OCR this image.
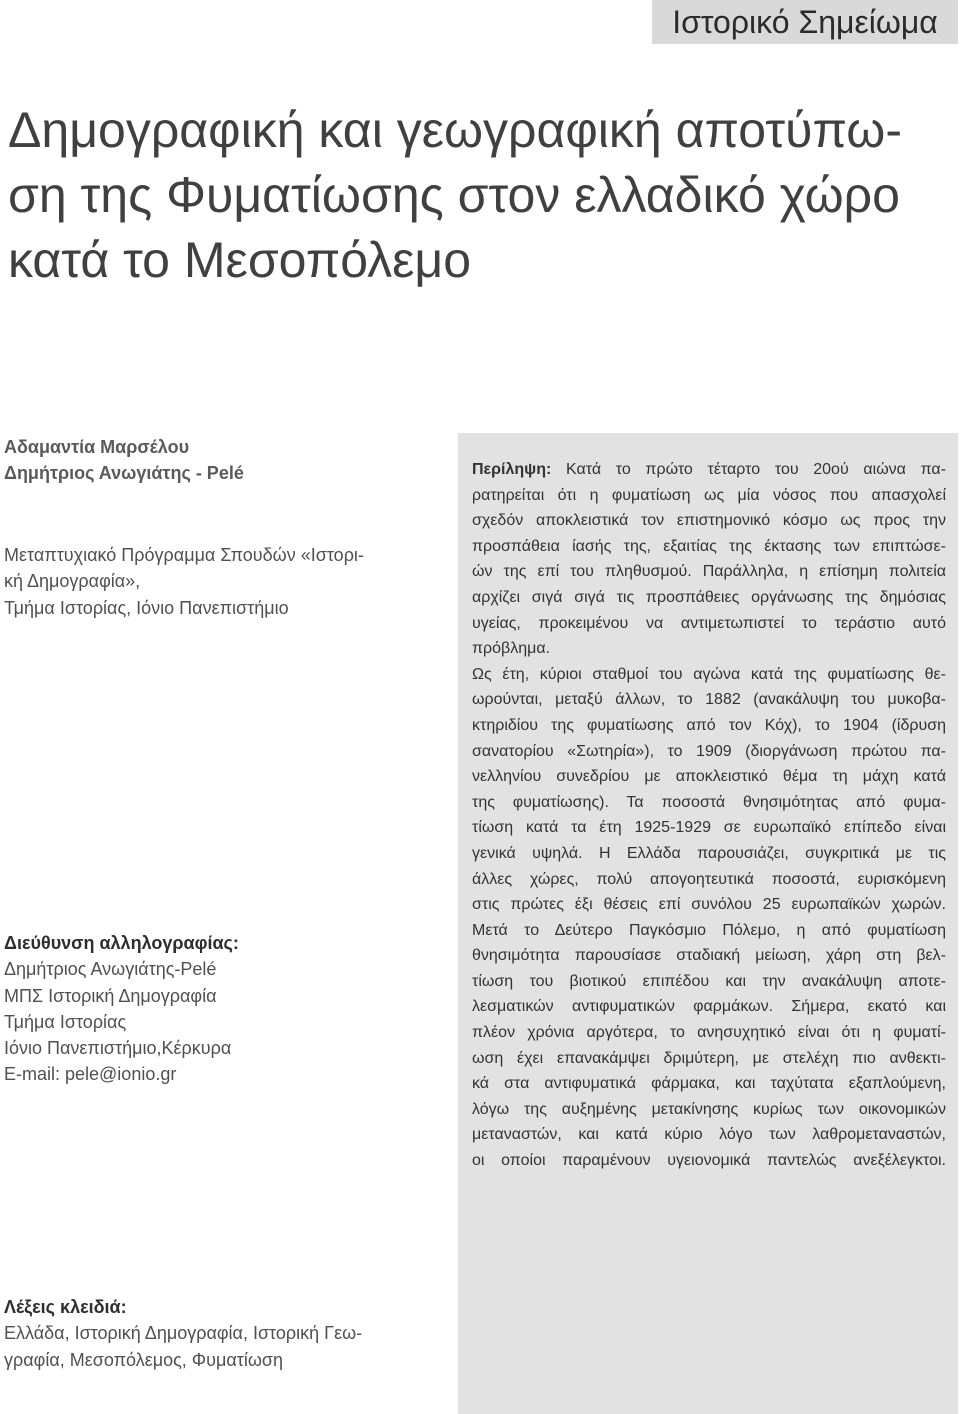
Ιστορικό Σημείωμα
Δημογραφική και γεωγραφική αποτύπω-
ση της Φυματίωσης στον ελλαδικό χώρο
κατά το Μεσοπόλεμο
Αδαμαντία Μαρσέλου
Δημήτριος Ανωγιάτης - Pelé
Μεταπτυχιακό Πρόγραμμα Σπουδών «Ιστορι-
κή Δημογραφία»,
Τμήμα Ιστορίας, Ιόνιο Πανεπιστήμιο
Διεύθυνση αλληλογραφίας:
Δημήτριος Ανωγιάτης-Pelé
ΜΠΣ Ιστορική Δημογραφία
Τμήμα Ιστορίας
Ιόνιο Πανεπιστήμιο,Κέρκυρα
E-mail: pele@ionio.gr
Περίληψη: Κατά το πρώτο τέταρτο του 20ού αιώνα πα-
ρατηρείται ότι η φυματίωση ως μία νόσος που απασχολεί
σχεδόν αποκλειστικά τον επιστημονικό κόσμο ως προς την
προσπάθεια ίασής της, εξαιτίας της έκτασης των επιπτώσε-
ών της επί του πληθυσμού. Παράλληλα, η επίσημη πολιτεία
αρχίζει σιγά σιγά τις προσπάθειες οργάνωσης της δημόσιας
υγείας, προκειμένου να αντιμετωπιστεί το τεράστιο αυτό
πρόβλημα.
Ως έτη, κύριοι σταθμοί του αγώνα κατά της φυματίωσης θε-
ωρούνται, μεταξύ άλλων, το 1882 (ανακάλυψη του μυκοβα-
κτηριδίου της φυματίωσης από τον Κόχ), το 1904 (ίδρυση
σανατορίου «Σωτηρία»), το 1909 (διοργάνωση πρώτου πα-
νελληνίου συνεδρίου με αποκλειστικό θέμα τη μάχη κατά
της φυματίωσης). Τα ποσοστά θνησιμότητας από φυμα-
τίωση κατά τα έτη 1925-1929 σε ευρωπαϊκό επίπεδο είναι
γενικά υψηλά. Η Ελλάδα παρουσιάζει, συγκριτικά με τις
άλλες χώρες, πολύ απογοητευτικά ποσοστά, ευρισκόμενη
στις πρώτες έξι θέσεις επί συνόλου 25 ευρωπαϊκών χωρών.
Μετά το Δεύτερο Παγκόσμιο Πόλεμο, η από φυματίωση
θνησιμότητα παρουσίασε σταδιακή μείωση, χάρη στη βελ-
τίωση του βιοτικού επιπέδου και την ανακάλυψη αποτε-
λεσματικών αντιφυματικών φαρμάκων. Σήμερα, εκατό και
πλέον χρόνια αργότερα, το ανησυχητικό είναι ότι η φυματί-
ωση έχει επανακάμψει δριμύτερη, με στελέχη πιο ανθεκτι-
κά στα αντιφυματικά φάρμακα, και ταχύτατα εξαπλούμενη,
λόγω της αυξημένης μετακίνησης κυρίως των οικονομικών
μεταναστών, και κατά κύριο λόγο των λαθρομεταναστών,
οι οποίοι παραμένουν υγειονομικά παντελώς ανεξέλεγκτοι.
Λέξεις κλειδιά:
Ελλάδα, Ιστορική Δημογραφία, Ιστορική Γεω-
γραφία, Μεσοπόλεμος, Φυματίωση
